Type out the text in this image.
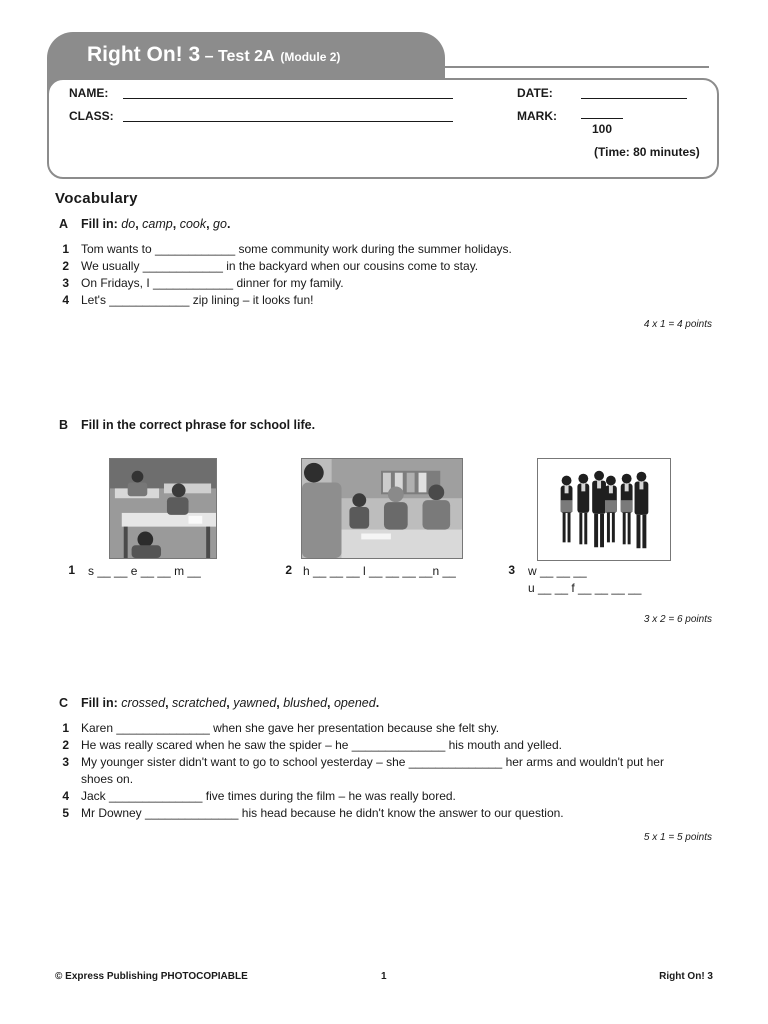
Right On! 3 – Test 2A (Module 2)
NAME:
CLASS:
DATE:
MARK:
100
(Time: 80 minutes)
Vocabulary
A Fill in: do, camp, cook, go.
1 Tom wants to ____________ some community work during the summer holidays.
2 We usually ____________ in the backyard when our cousins come to stay.
3 On Fridays, I ____________ dinner for my family.
4 Let's ____________ zip lining – it looks fun!
4 x 1 = 4 points
B Fill in the correct phrase for school life.
1 s __ __ e __ __ m __	2 h __ __ __ l __ __ __ __n __	3 w __ __ __
u __ __ f __ __ __ __
3 x 2 = 6 points
C Fill in: crossed, scratched, yawned, blushed, opened.
1 Karen ______________ when she gave her presentation because she felt shy.
2 He was really scared when he saw the spider – he ______________ his mouth and yelled.
3 My younger sister didn't want to go to school yesterday – she ______________ her arms and wouldn't put her
shoes on.
4 Jack ______________ five times during the film – he was really bored.
5 Mr Downey ______________ his head because he didn't know the answer to our question.
5 x 1 = 5 points
© Express Publishing PHOTOCOPIABLE	1	Right On! 3
